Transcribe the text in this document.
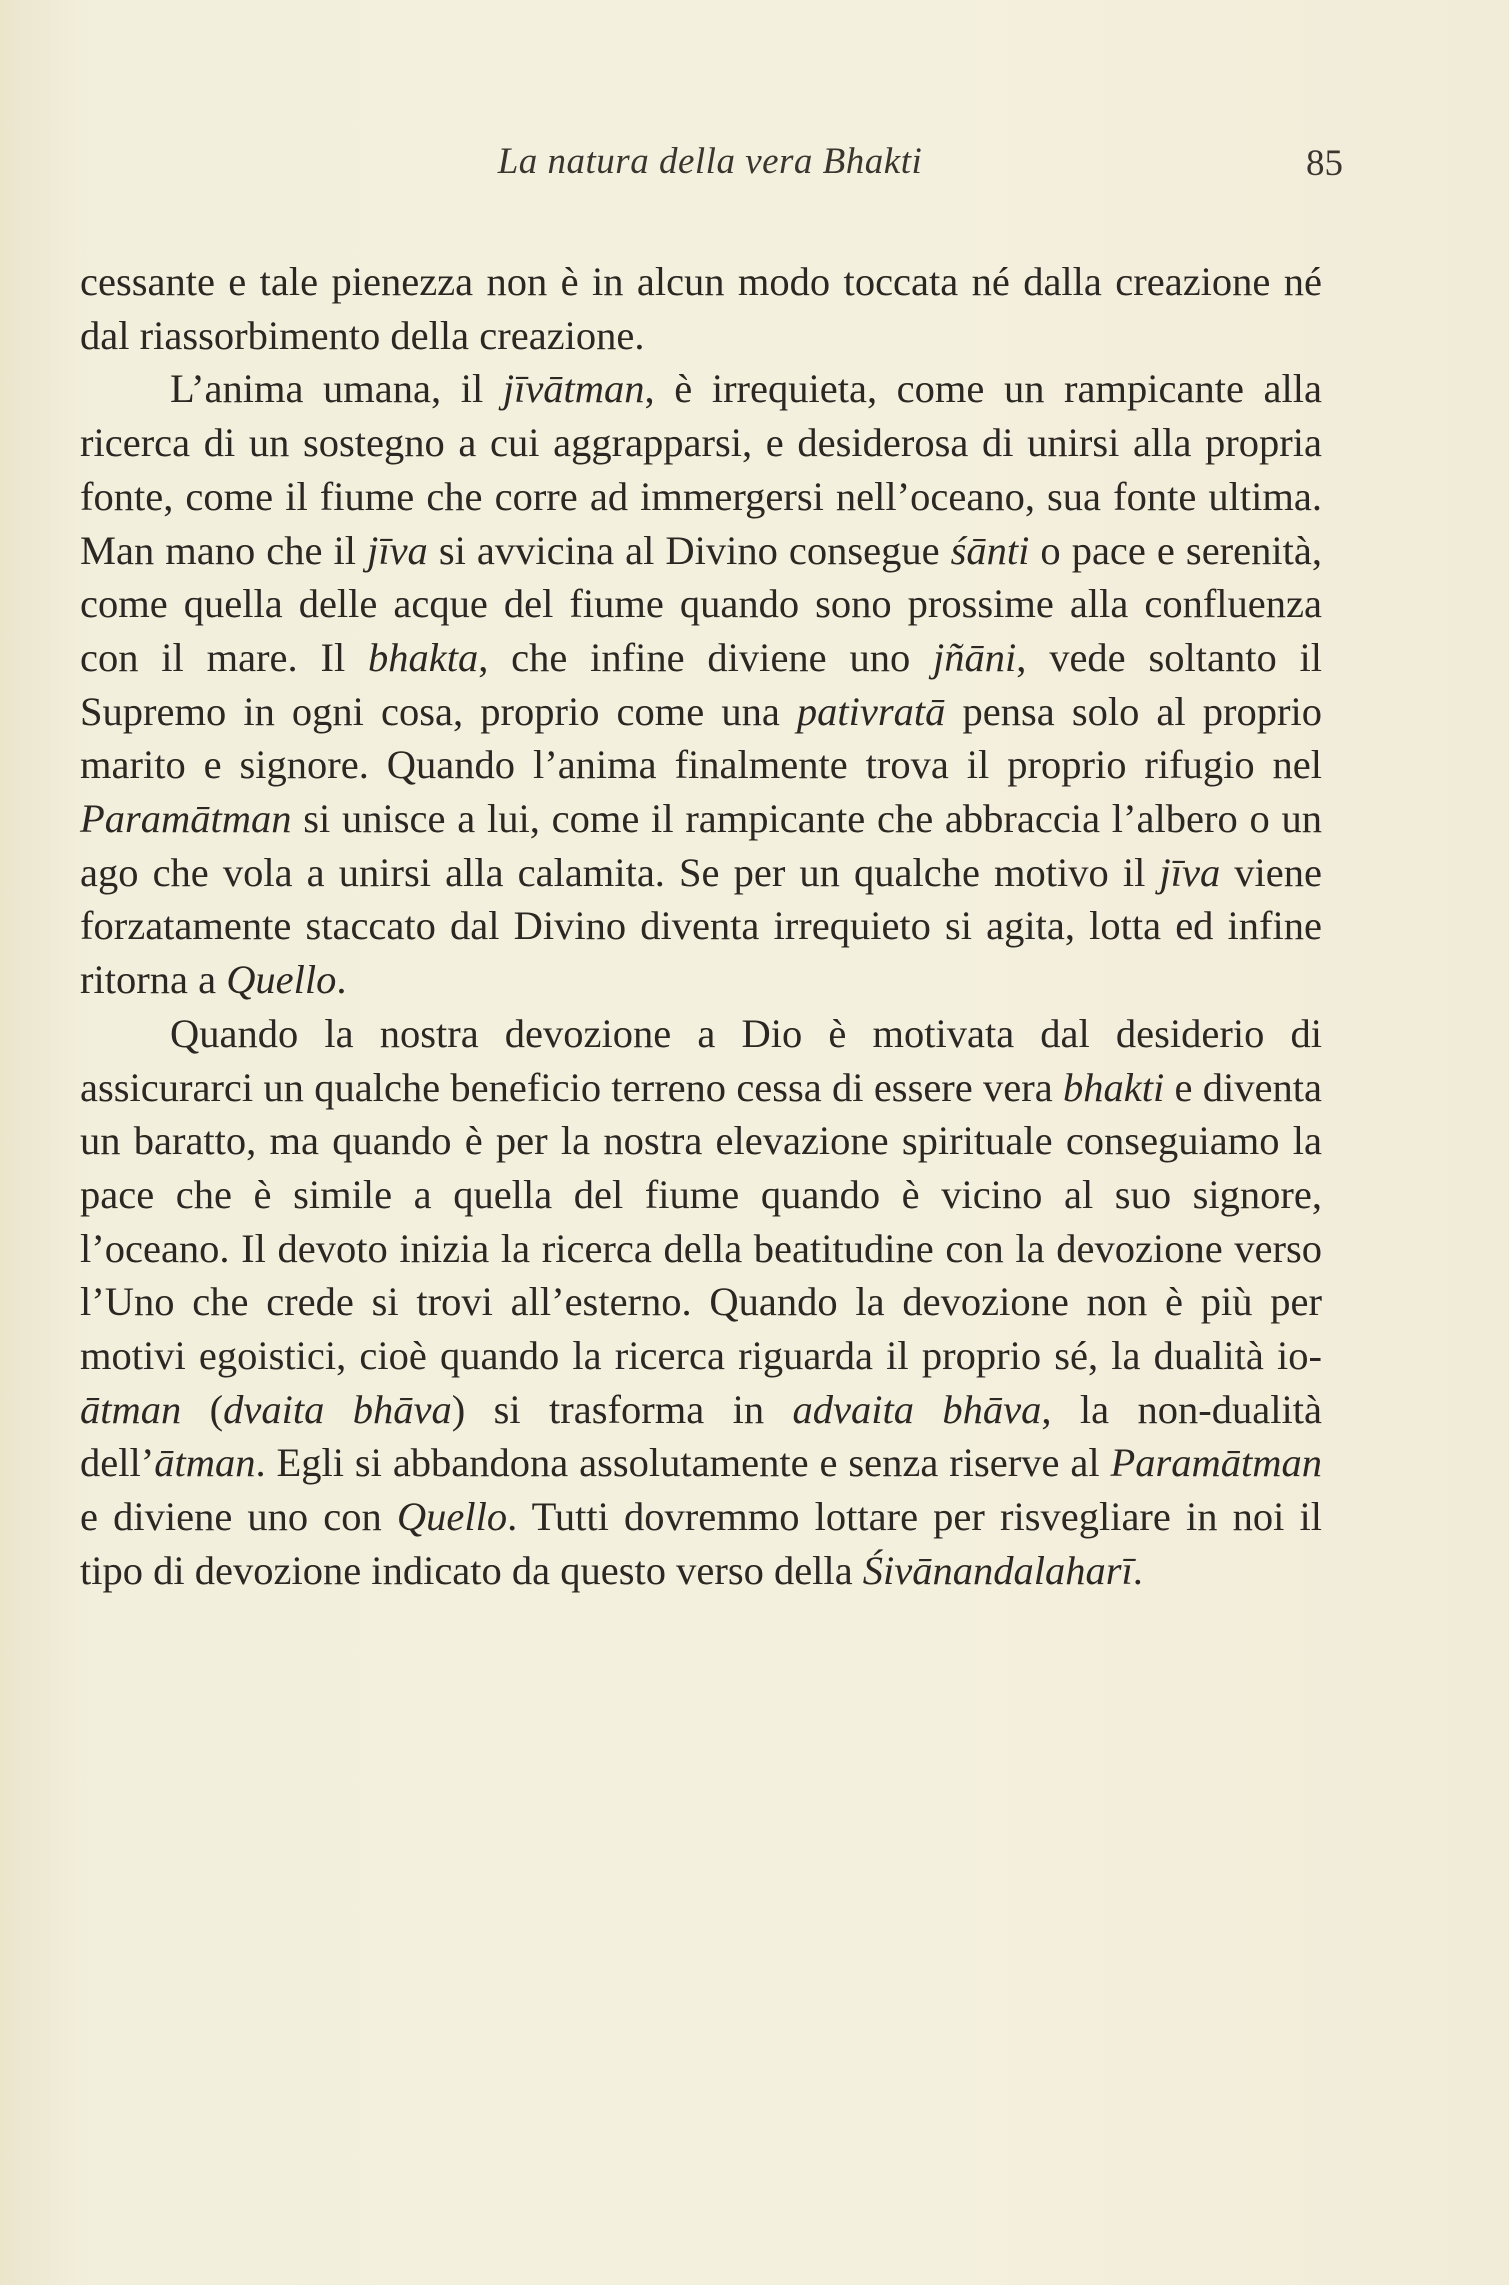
La natura della vera Bhakti	85

cessante e tale pienezza non è in alcun modo toccata né dalla creazione né dal riassorbimento della creazione.

L’anima umana, il jīvātman, è irrequieta, come un rampicante alla ricerca di un sostegno a cui aggrapparsi, e desiderosa di unirsi alla propria fonte, come il fiume che corre ad immergersi nell’oceano, sua fonte ultima. Man mano che il jīva si avvicina al Divino consegue śānti o pace e serenità, come quella delle acque del fiume quando sono prossime alla confluenza con il mare. Il bhakta, che infine diviene uno jñāni, vede soltanto il Supremo in ogni cosa, proprio come una pativratā pensa solo al proprio marito e signore. Quando l’anima finalmente trova il proprio rifugio nel Paramātman si unisce a lui, come il rampicante che abbraccia l’albero o un ago che vola a unirsi alla calamita. Se per un qualche motivo il jīva viene forzatamente staccato dal Divino diventa irrequieto si agita, lotta ed infine ritorna a Quello.

Quando la nostra devozione a Dio è motivata dal desiderio di assicurarci un qualche beneficio terreno cessa di essere vera bhakti e diventa un baratto, ma quando è per la nostra elevazione spirituale conseguiamo la pace che è simile a quella del fiume quando è vicino al suo signore, l’oceano. Il devoto inizia la ricerca della beatitudine con la devozione verso l’Uno che crede si trovi all’esterno. Quando la devozione non è più per motivi egoistici, cioè quando la ricerca riguarda il proprio sé, la dualità io-ātman (dvaita bhāva) si trasforma in advaita bhāva, la non-dualità dell’ātman. Egli si abbandona assolutamente e senza riserve al Paramātman e diviene uno con Quello. Tutti dovremmo lottare per risvegliare in noi il tipo di devozione indicato da questo verso della Śivānandalaharī.
